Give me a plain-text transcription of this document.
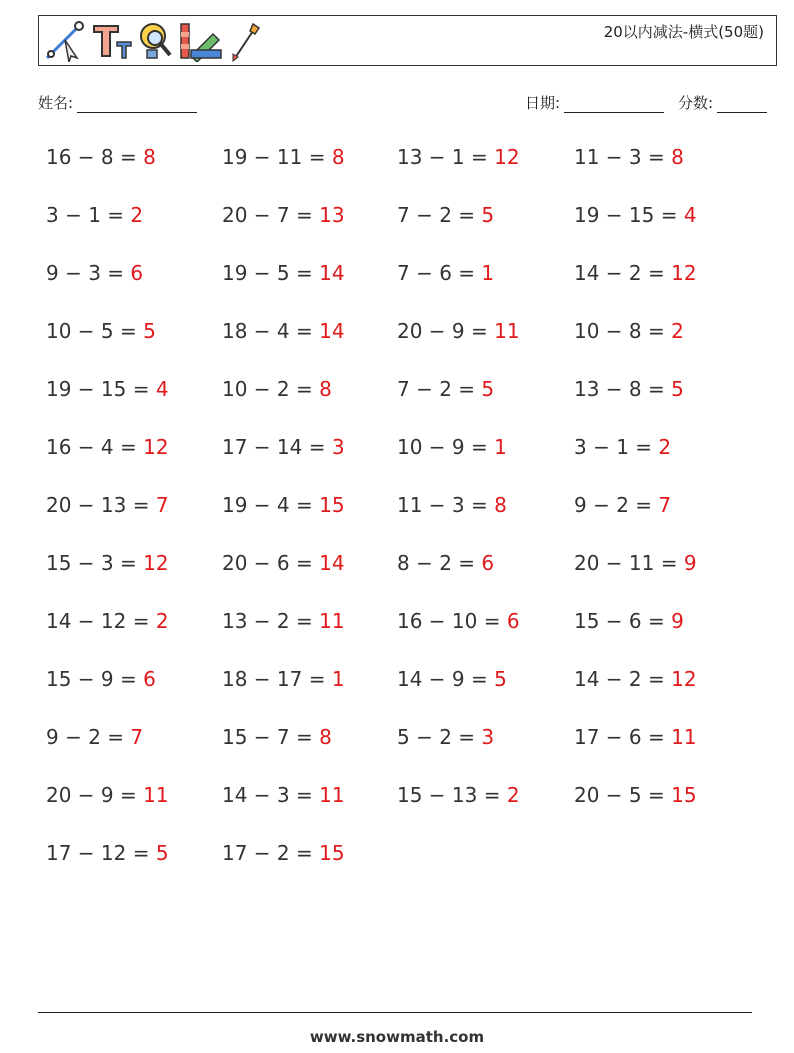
20以内减法-横式(50题)
姓名:	日期:	分数:
16 − 8 = 8	19 − 11 = 8	13 − 1 = 12	11 − 3 = 8
3 − 1 = 2	20 − 7 = 13	7 − 2 = 5	19 − 15 = 4
9 − 3 = 6	19 − 5 = 14	7 − 6 = 1	14 − 2 = 12
10 − 5 = 5	18 − 4 = 14	20 − 9 = 11	10 − 8 = 2
19 − 15 = 4	10 − 2 = 8	7 − 2 = 5	13 − 8 = 5
16 − 4 = 12	17 − 14 = 3	10 − 9 = 1	3 − 1 = 2
20 − 13 = 7	19 − 4 = 15	11 − 3 = 8	9 − 2 = 7
15 − 3 = 12	20 − 6 = 14	8 − 2 = 6	20 − 11 = 9
14 − 12 = 2	13 − 2 = 11	16 − 10 = 6	15 − 6 = 9
15 − 9 = 6	18 − 17 = 1	14 − 9 = 5	14 − 2 = 12
9 − 2 = 7	15 − 7 = 8	5 − 2 = 3	17 − 6 = 11
20 − 9 = 11	14 − 3 = 11	15 − 13 = 2	20 − 5 = 15
17 − 12 = 5	17 − 2 = 15
www.snowmath.com
